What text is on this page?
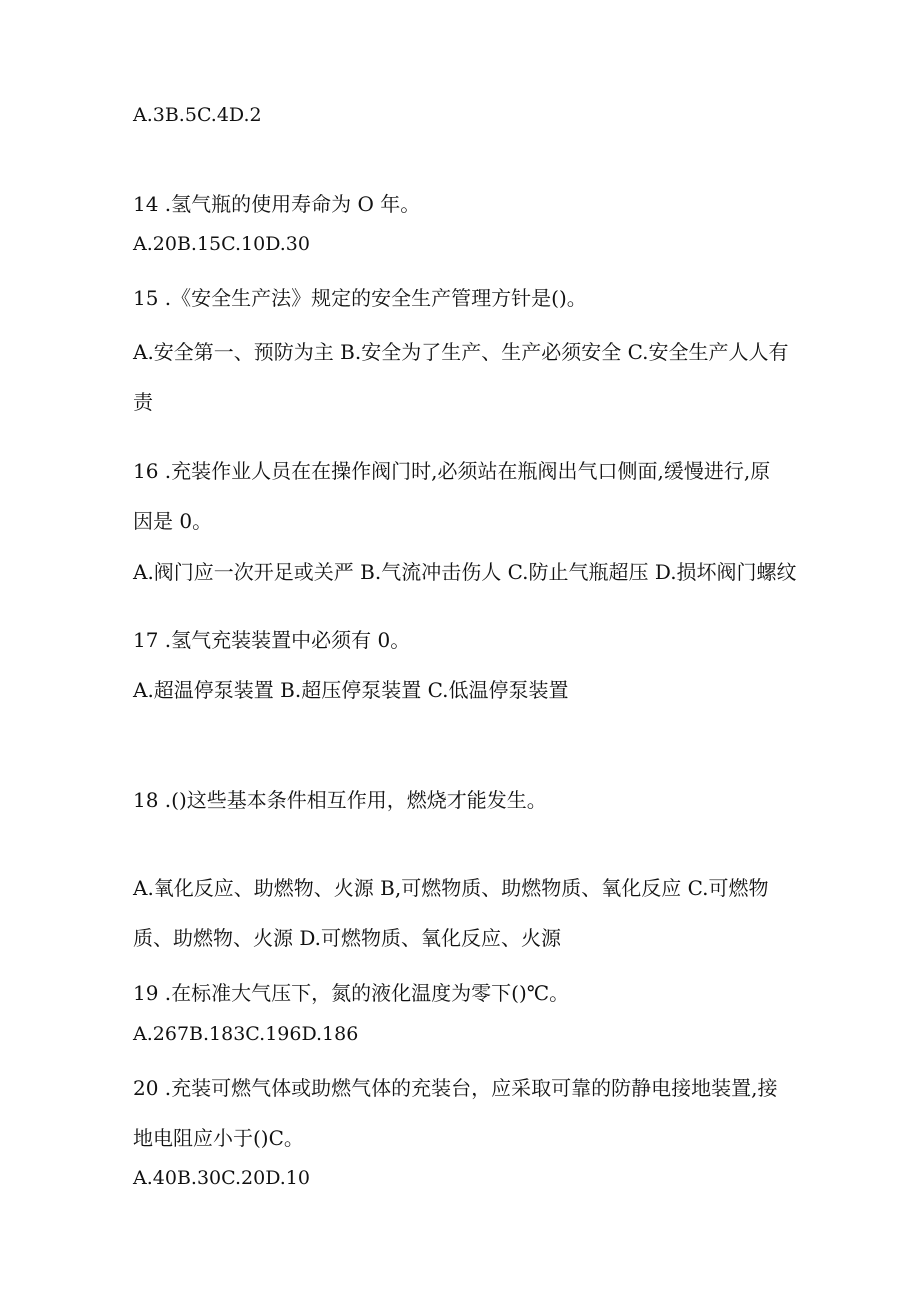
A.3B.5C.4D.2
14 .氢气瓶的使用寿命为 O 年。
A.20B.15C.10D.30
15 .《安全生产法》规定的安全生产管理方针是()。
A.安全第一、预防为主 B.安全为了生产、生产必须安全 C.安全生产人人有
责
16 .充装作业人员在在操作阀门时,必须站在瓶阀出气口侧面,缓慢进行,原
因是 0。
A.阀门应一次开足或关严 B.气流冲击伤人 C.防止气瓶超压 D.损坏阀门螺纹
17 .氢气充装装置中必须有 0。
A.超温停泵装置 B.超压停泵装置 C.低温停泵装置
18 .()这些基本条件相互作用，燃烧才能发生。
A.氧化反应、助燃物、火源 B,可燃物质、助燃物质、氧化反应 C.可燃物
质、助燃物、火源 D.可燃物质、氧化反应、火源
19 .在标准大气压下，氮的液化温度为零下()℃。
A.267B.183C.196D.186
20 .充装可燃气体或助燃气体的充装台，应采取可靠的防静电接地装置,接
地电阻应小于()C。
A.40B.30C.20D.10
